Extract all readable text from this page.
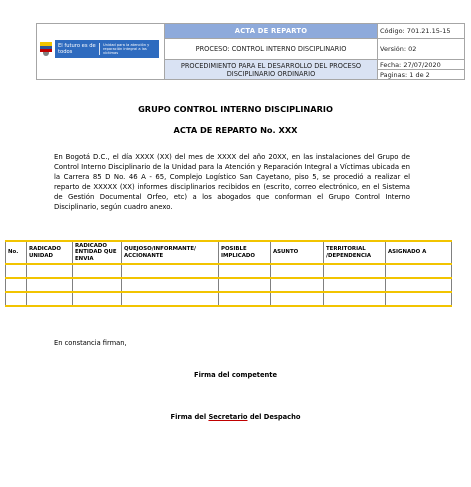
El futuro es de todos
Unidad para la atención y reparación integral a las víctimas	ACTA DE REPARTO	Código: 701.21.15-15
	PROCESO: CONTROL INTERNO DISCIPLINARIO	Versión: 02

	PROCEDIMIENTO PARA EL DESARROLLO DEL PROCESO
DISCIPLINARIO ORDINARIO	Fecha: 27/07/2020
		Paginas: 1 de 2
GRUPO CONTROL INTERNO DISCIPLINARIO
ACTA DE REPARTO No. XXX
En Bogotá D.C., el día XXXX (XX) del mes de XXXX del año 20XX, en las instalaciones del Grupo de Control Interno Disciplinario de la Unidad para la Atención y Reparación Integral a Víctimas ubicada en la Carrera 85 D No. 46 A - 65, Complejo Logístico San Cayetano, piso 5, se procedió a realizar el reparto de XXXXX (XX) informes disciplinarios recibidos en (escrito, correo electrónico, en el Sistema de Gestión Documental Orfeo, etc) a los abogados que conforman el Grupo Control Interno Disciplinario, según cuadro anexo.
No.	RADICADO UNIDAD	RADICADO ENTIDAD QUE ENVIA	QUEJOSO/INFORMANTE/ ACCIONANTE	POSIBLE IMPLICADO	ASUNTO	TERRITORIAL /DEPENDENCIA	ASIGNADO A

En constancia firman,
Firma del competente
Firma del Secretario del Despacho
